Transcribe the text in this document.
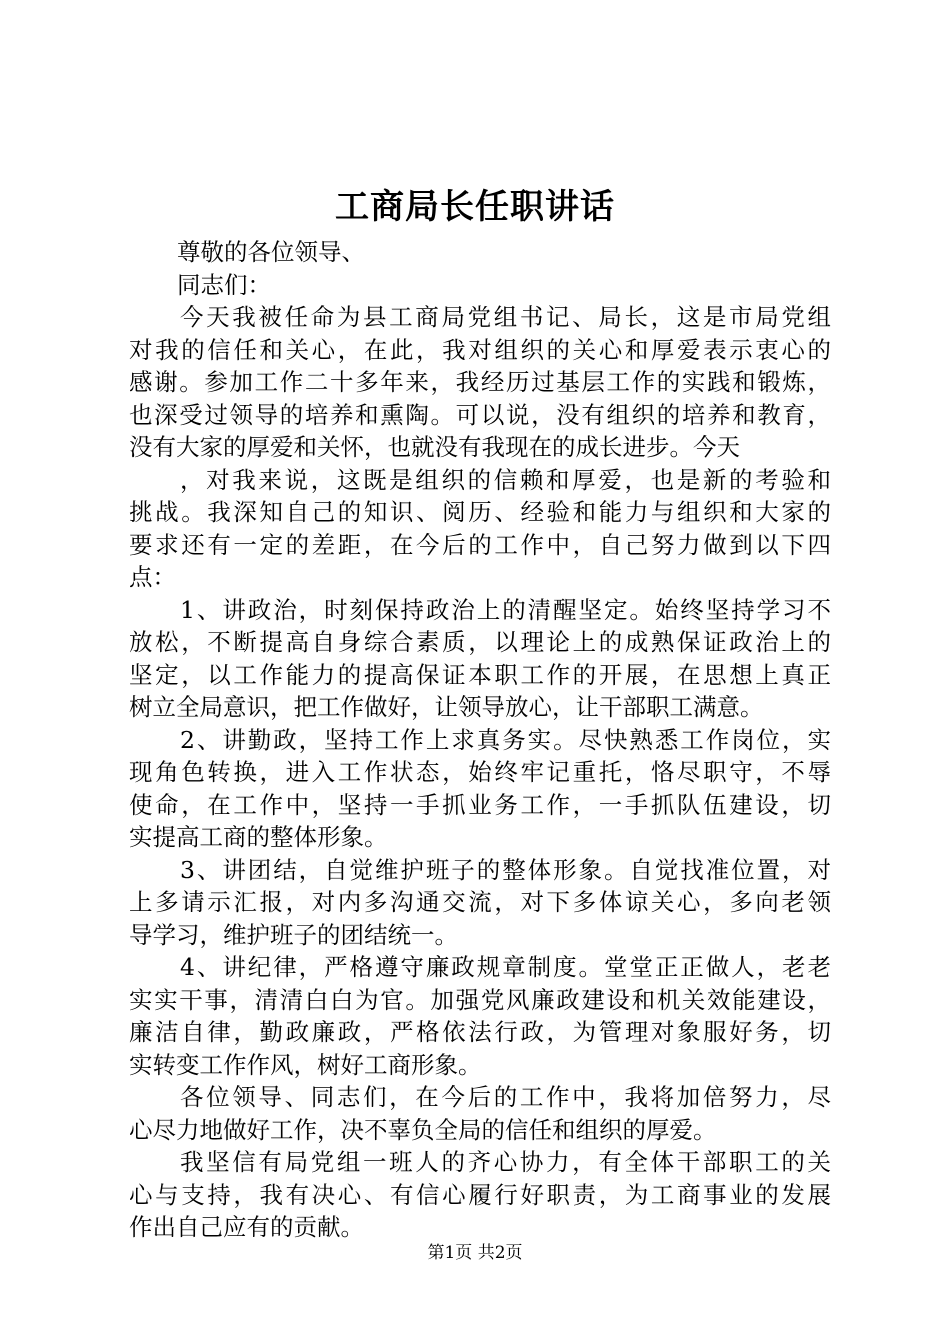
工商局长任职讲话
尊敬的各位领导、
同志们：
今天我被任命为县工商局党组书记、局长，这是市局党组
对我的信任和关心，在此，我对组织的关心和厚爱表示衷心的
感谢。参加工作二十多年来，我经历过基层工作的实践和锻炼，
也深受过领导的培养和熏陶。可以说，没有组织的培养和教育，
没有大家的厚爱和关怀，也就没有我现在的成长进步。今天
，对我来说，这既是组织的信赖和厚爱，也是新的考验和
挑战。我深知自己的知识、阅历、经验和能力与组织和大家的
要求还有一定的差距，在今后的工作中，自己努力做到以下四
点：
1、讲政治，时刻保持政治上的清醒坚定。始终坚持学习不
放松，不断提高自身综合素质，以理论上的成熟保证政治上的
坚定，以工作能力的提高保证本职工作的开展，在思想上真正
树立全局意识，把工作做好，让领导放心，让干部职工满意。
2、讲勤政，坚持工作上求真务实。尽快熟悉工作岗位，实
现角色转换，进入工作状态，始终牢记重托，恪尽职守，不辱
使命，在工作中，坚持一手抓业务工作，一手抓队伍建设，切
实提高工商的整体形象。
3、讲团结，自觉维护班子的整体形象。自觉找准位置，对
上多请示汇报，对内多沟通交流，对下多体谅关心，多向老领
导学习，维护班子的团结统一。
4、讲纪律，严格遵守廉政规章制度。堂堂正正做人，老老
实实干事，清清白白为官。加强党风廉政建设和机关效能建设，
廉洁自律，勤政廉政，严格依法行政，为管理对象服好务，切
实转变工作作风，树好工商形象。
各位领导、同志们，在今后的工作中，我将加倍努力，尽
心尽力地做好工作，决不辜负全局的信任和组织的厚爱。
我坚信有局党组一班人的齐心协力，有全体干部职工的关
心与支持，我有决心、有信心履行好职责，为工商事业的发展
作出自己应有的贡献。
第1页 共2页
